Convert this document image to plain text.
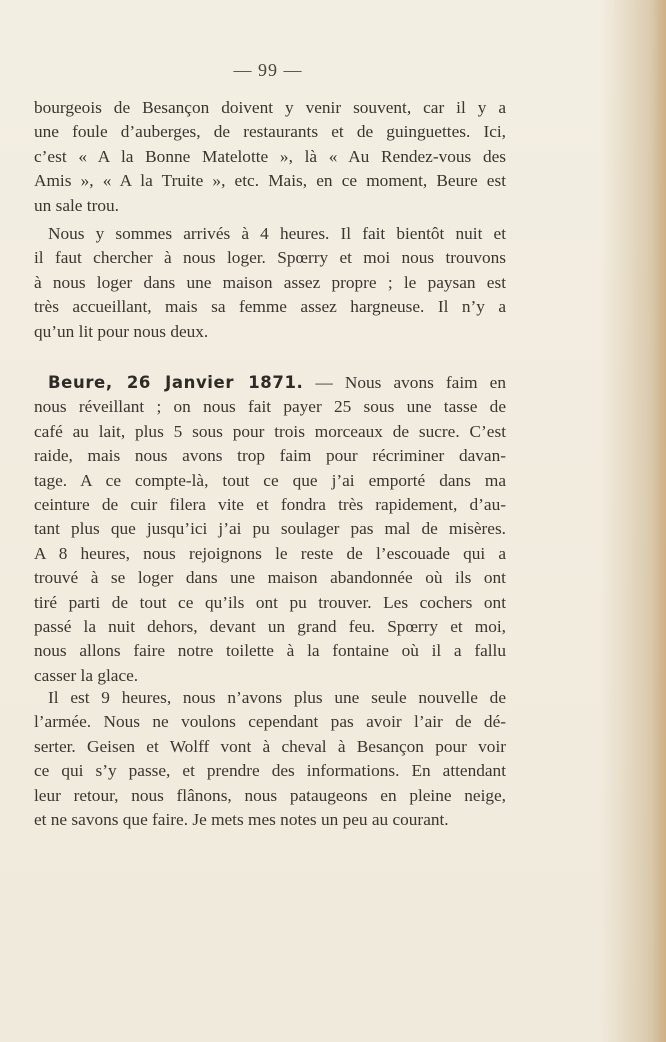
— 99 —
bourgeois de Besançon doivent y venir souvent, car il y a
une foule d’auberges, de restaurants et de guinguettes. Ici,
c’est « A la Bonne Matelotte », là « Au Rendez-vous des
Amis », « A la Truite », etc. Mais, en ce moment, Beure est
un sale trou.
Nous y sommes arrivés à 4 heures. Il fait bientôt nuit et
il faut chercher à nous loger. Spœrry et moi nous trouvons
à nous loger dans une maison assez propre ; le paysan est
très accueillant, mais sa femme assez hargneuse. Il n’y a
qu’un lit pour nous deux.
Beure, 26 Janvier 1871. — Nous avons faim en
nous réveillant ; on nous fait payer 25 sous une tasse de
café au lait, plus 5 sous pour trois morceaux de sucre. C’est
raide, mais nous avons trop faim pour récriminer davan-
tage. A ce compte-là, tout ce que j’ai emporté dans ma
ceinture de cuir filera vite et fondra très rapidement, d’au-
tant plus que jusqu’ici j’ai pu soulager pas mal de misères.
A 8 heures, nous rejoignons le reste de l’escouade qui a
trouvé à se loger dans une maison abandonnée où ils ont
tiré parti de tout ce qu’ils ont pu trouver. Les cochers ont
passé la nuit dehors, devant un grand feu. Spœrry et moi,
nous allons faire notre toilette à la fontaine où il a fallu
casser la glace.
Il est 9 heures, nous n’avons plus une seule nouvelle de
l’armée. Nous ne voulons cependant pas avoir l’air de dé-
serter. Geisen et Wolff vont à cheval à Besançon pour voir
ce qui s’y passe, et prendre des informations. En attendant
leur retour, nous flânons, nous pataugeons en pleine neige,
et ne savons que faire. Je mets mes notes un peu au courant.
